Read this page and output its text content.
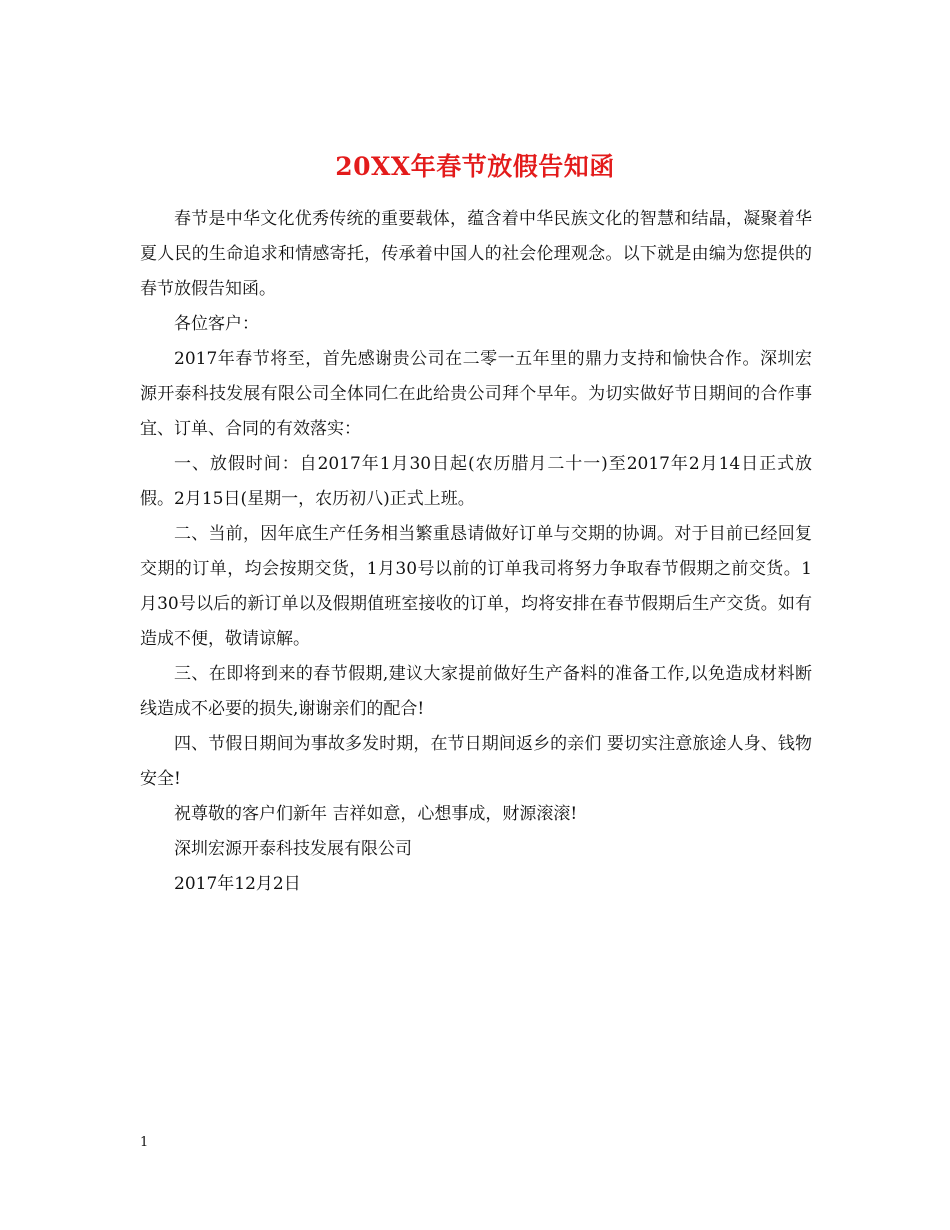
20XX年春节放假告知函

春节是中华文化优秀传统的重要载体，蕴含着中华民族文化的智慧和结晶，凝聚着华夏人民的生命追求和情感寄托，传承着中国人的社会伦理观念。以下就是由编为您提供的春节放假告知函。

各位客户：

2017年春节将至，首先感谢贵公司在二零一五年里的鼎力支持和愉快合作。深圳宏源开泰科技发展有限公司全体同仁在此给贵公司拜个早年。为切实做好节日期间的合作事宜、订单、合同的有效落实：

一、放假时间：自2017年1月30日起(农历腊月二十一)至2017年2月14日正式放假。2月15日(星期一，农历初八)正式上班。

二、当前，因年底生产任务相当繁重恳请做好订单与交期的协调。对于目前已经回复交期的订单，均会按期交货，1月30号以前的订单我司将努力争取春节假期之前交货。1月30号以后的新订单以及假期值班室接收的订单，均将安排在春节假期后生产交货。如有造成不便，敬请谅解。

三、在即将到来的春节假期,建议大家提前做好生产备料的准备工作,以免造成材料断线造成不必要的损失,谢谢亲们的配合!

四、节假日期间为事故多发时期，在节日期间返乡的亲们 要切实注意旅途人身、钱物安全!

祝尊敬的客户们新年 吉祥如意，心想事成，财源滚滚!

深圳宏源开泰科技发展有限公司

2017年12月2日

1
